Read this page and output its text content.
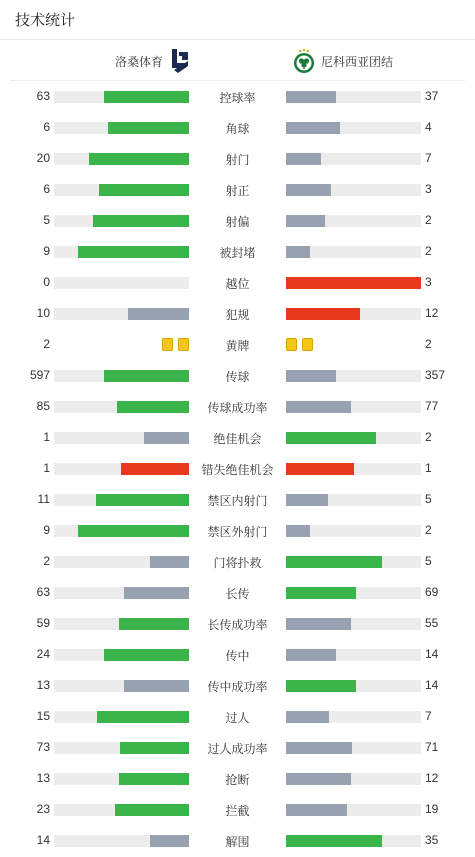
技术统计
洛桑体育	尼科西亚团结
63	控球率	37
6	角球	4
20	射门	7
6	射正	3
5	射偏	2
9	被封堵	2
0	越位	3
10	犯规	12
2	黄牌	2
597	传球	357
85	传球成功率	77
1	绝佳机会	2
1	错失绝佳机会	1
11	禁区内射门	5
9	禁区外射门	2
2	门将扑救	5
63	长传	69
59	长传成功率	55
24	传中	14
13	传中成功率	14
15	过人	7
73	过人成功率	71
13	抢断	12
23	拦截	19
14	解围	35
